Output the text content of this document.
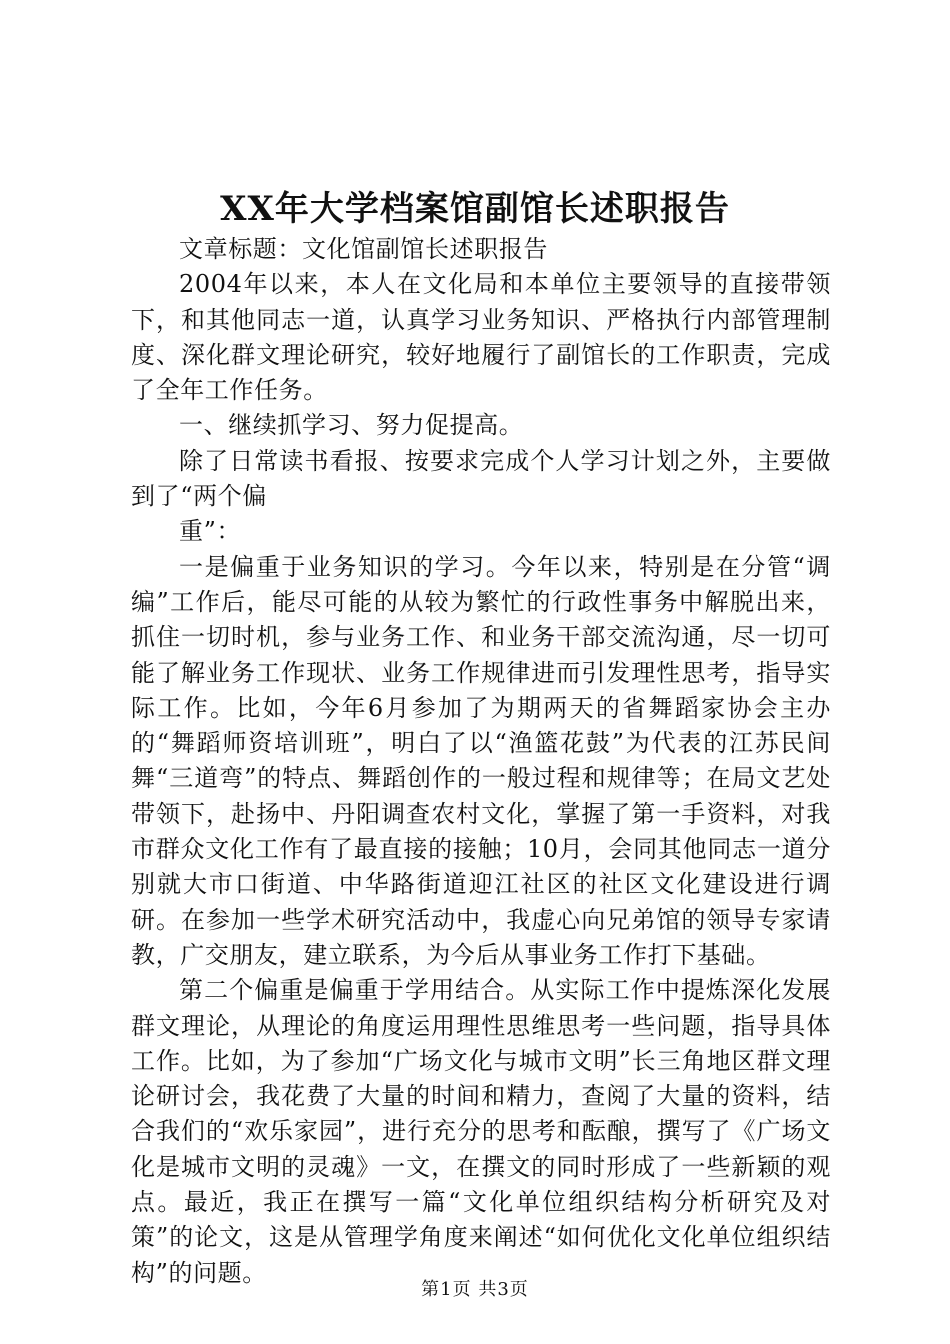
XX年大学档案馆副馆长述职报告

文章标题：文化馆副馆长述职报告

2004年以来，本人在文化局和本单位主要领导的直接带领下，和其他同志一道，认真学习业务知识、严格执行内部管理制度、深化群文理论研究，较好地履行了副馆长的工作职责，完成了全年工作任务。

一、继续抓学习、努力促提高。

除了日常读书看报、按要求完成个人学习计划之外，主要做到了“两个偏

重”：

一是偏重于业务知识的学习。今年以来，特别是在分管“调编”工作后，能尽可能的从较为繁忙的行政性事务中解脱出来，抓住一切时机，参与业务工作、和业务干部交流沟通，尽一切可能了解业务工作现状、业务工作规律进而引发理性思考，指导实际工作。比如，今年6月参加了为期两天的省舞蹈家协会主办的“舞蹈师资培训班”，明白了以“渔篮花鼓”为代表的江苏民间舞“三道弯”的特点、舞蹈创作的一般过程和规律等；在局文艺处带领下，赴扬中、丹阳调查农村文化，掌握了第一手资料，对我市群众文化工作有了最直接的接触；10月，会同其他同志一道分别就大市口街道、中华路街道迎江社区的社区文化建设进行调研。在参加一些学术研究活动中，我虚心向兄弟馆的领导专家请教，广交朋友，建立联系，为今后从事业务工作打下基础。

第二个偏重是偏重于学用结合。从实际工作中提炼深化发展群文理论，从理论的角度运用理性思维思考一些问题，指导具体工作。比如，为了参加“广场文化与城市文明”长三角地区群文理论研讨会，我花费了大量的时间和精力，查阅了大量的资料，结合我们的“欢乐家园”，进行充分的思考和酝酿，撰写了《广场文化是城市文明的灵魂》一文，在撰文的同时形成了一些新颖的观点。最近，我正在撰写一篇“文化单位组织结构分析研究及对策”的论文，这是从管理学角度来阐述“如何优化文化单位组织结构”的问题。

第1页 共3页
